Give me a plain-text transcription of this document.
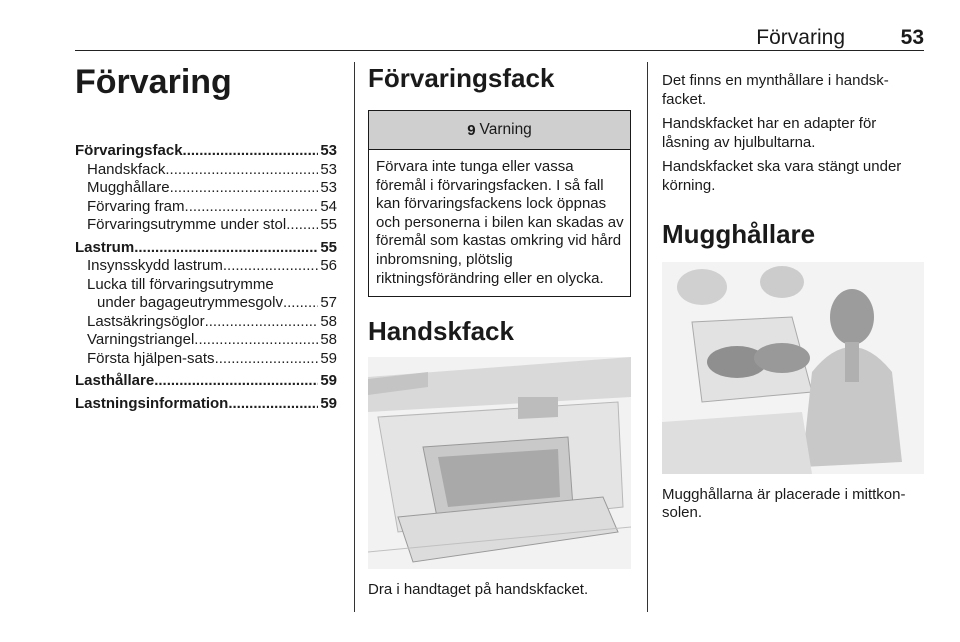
Förvaring	53
Förvaring
Förvaringsfack .....	53
Handskfack .....	53
Mugghållare .....	53
Förvaring fram .....	54
Förvaringsutrymme under stol ..... 55
Lastrum .....	55
Insynsskydd lastrum .....	56
Lucka till förvaringsutrymme
under bagageutrymmesgolv ..... 57
Lastsäkringsöglor .....	58
Varningstriangel .....	58
Första hjälpen-sats .....	59
Lasthållare .....	59
Lastningsinformation .....	59
Förvaringsfack
9 Varning
Förvara inte tunga eller vassa föremål i förvaringsfacken. I så fall kan förvaringsfackens lock öppnas och personerna i bilen kan skadas av föremål som kastas omkring vid hård inbromsning, plötslig riktningsförändring eller en olycka.
Handskfack

Dra i handtaget på handskfacket.

Det finns en mynthållare i handsk-facket.

Handskfacket har en adapter för låsning av hjulbultarna.

Handskfacket ska vara stängt under körning.

Mugghållare

Mugghållarna är placerade i mittkon-solen.
